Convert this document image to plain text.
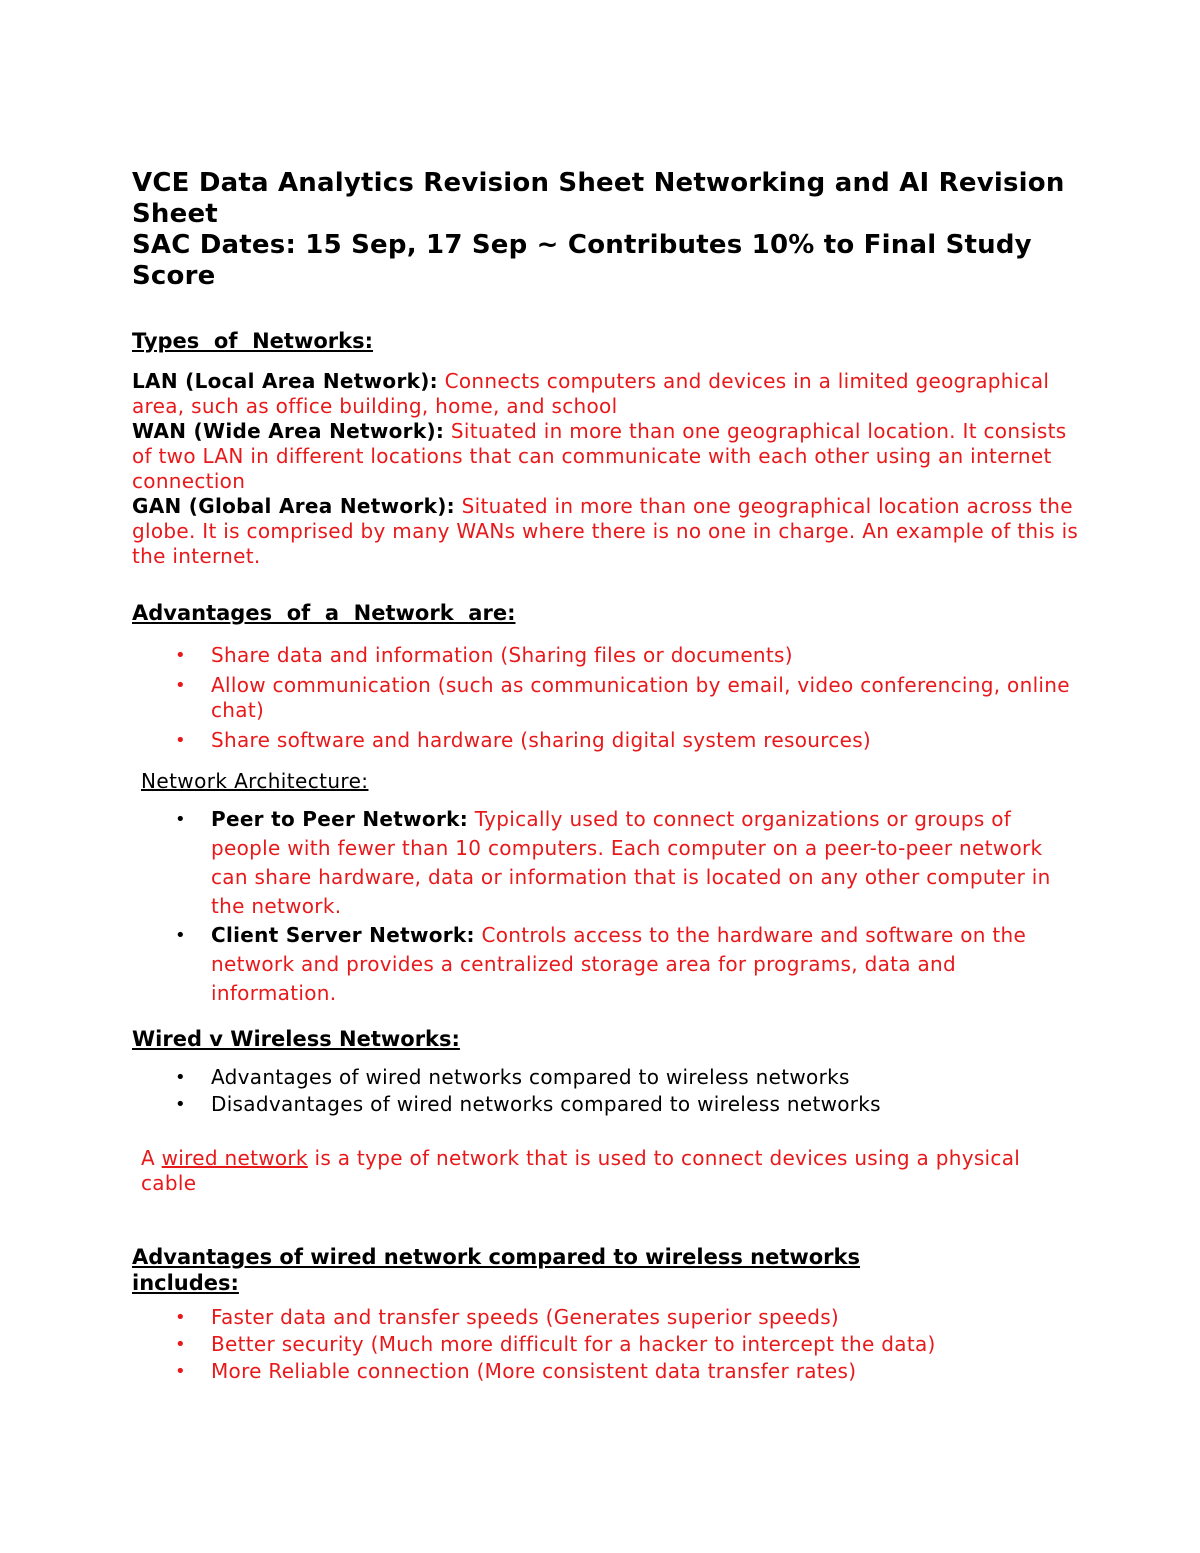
VCE Data Analytics Revision Sheet Networking and AI Revision Sheet

SAC Dates: 15 Sep, 17 Sep ~ Contributes 10% to Final Study Score

Types  of  Networks:

LAN (Local Area Network): Connects computers and devices in a limited geographical area, such as office building, home, and school

WAN (Wide Area Network): Situated in more than one geographical location. It consists of two LAN in different locations that can communicate with each other using an internet connection

GAN (Global Area Network): Situated in more than one geographical location across the globe. It is comprised by many WANs where there is no one in charge. An example of this is the internet.

Advantages  of  a  Network  are:

• Share data and information (Sharing files or documents)
• Allow communication (such as communication by email, video conferencing, online chat)
• Share software and hardware (sharing digital system resources)

Network Architecture:

• Peer to Peer Network: Typically used to connect organizations or groups of people with fewer than 10 computers. Each computer on a peer-to-peer network can share hardware, data or information that is located on any other computer in the network.
• Client Server Network: Controls access to the hardware and software on the network and provides a centralized storage area for programs, data and information.

Wired v Wireless Networks:

• Advantages of wired networks compared to wireless networks
• Disadvantages of wired networks compared to wireless networks

A wired network is a type of network that is used to connect devices using a physical cable

Advantages of wired network compared to wireless networks includes:

• Faster data and transfer speeds (Generates superior speeds)
• Better security (Much more difficult for a hacker to intercept the data)
• More Reliable connection (More consistent data transfer rates)
